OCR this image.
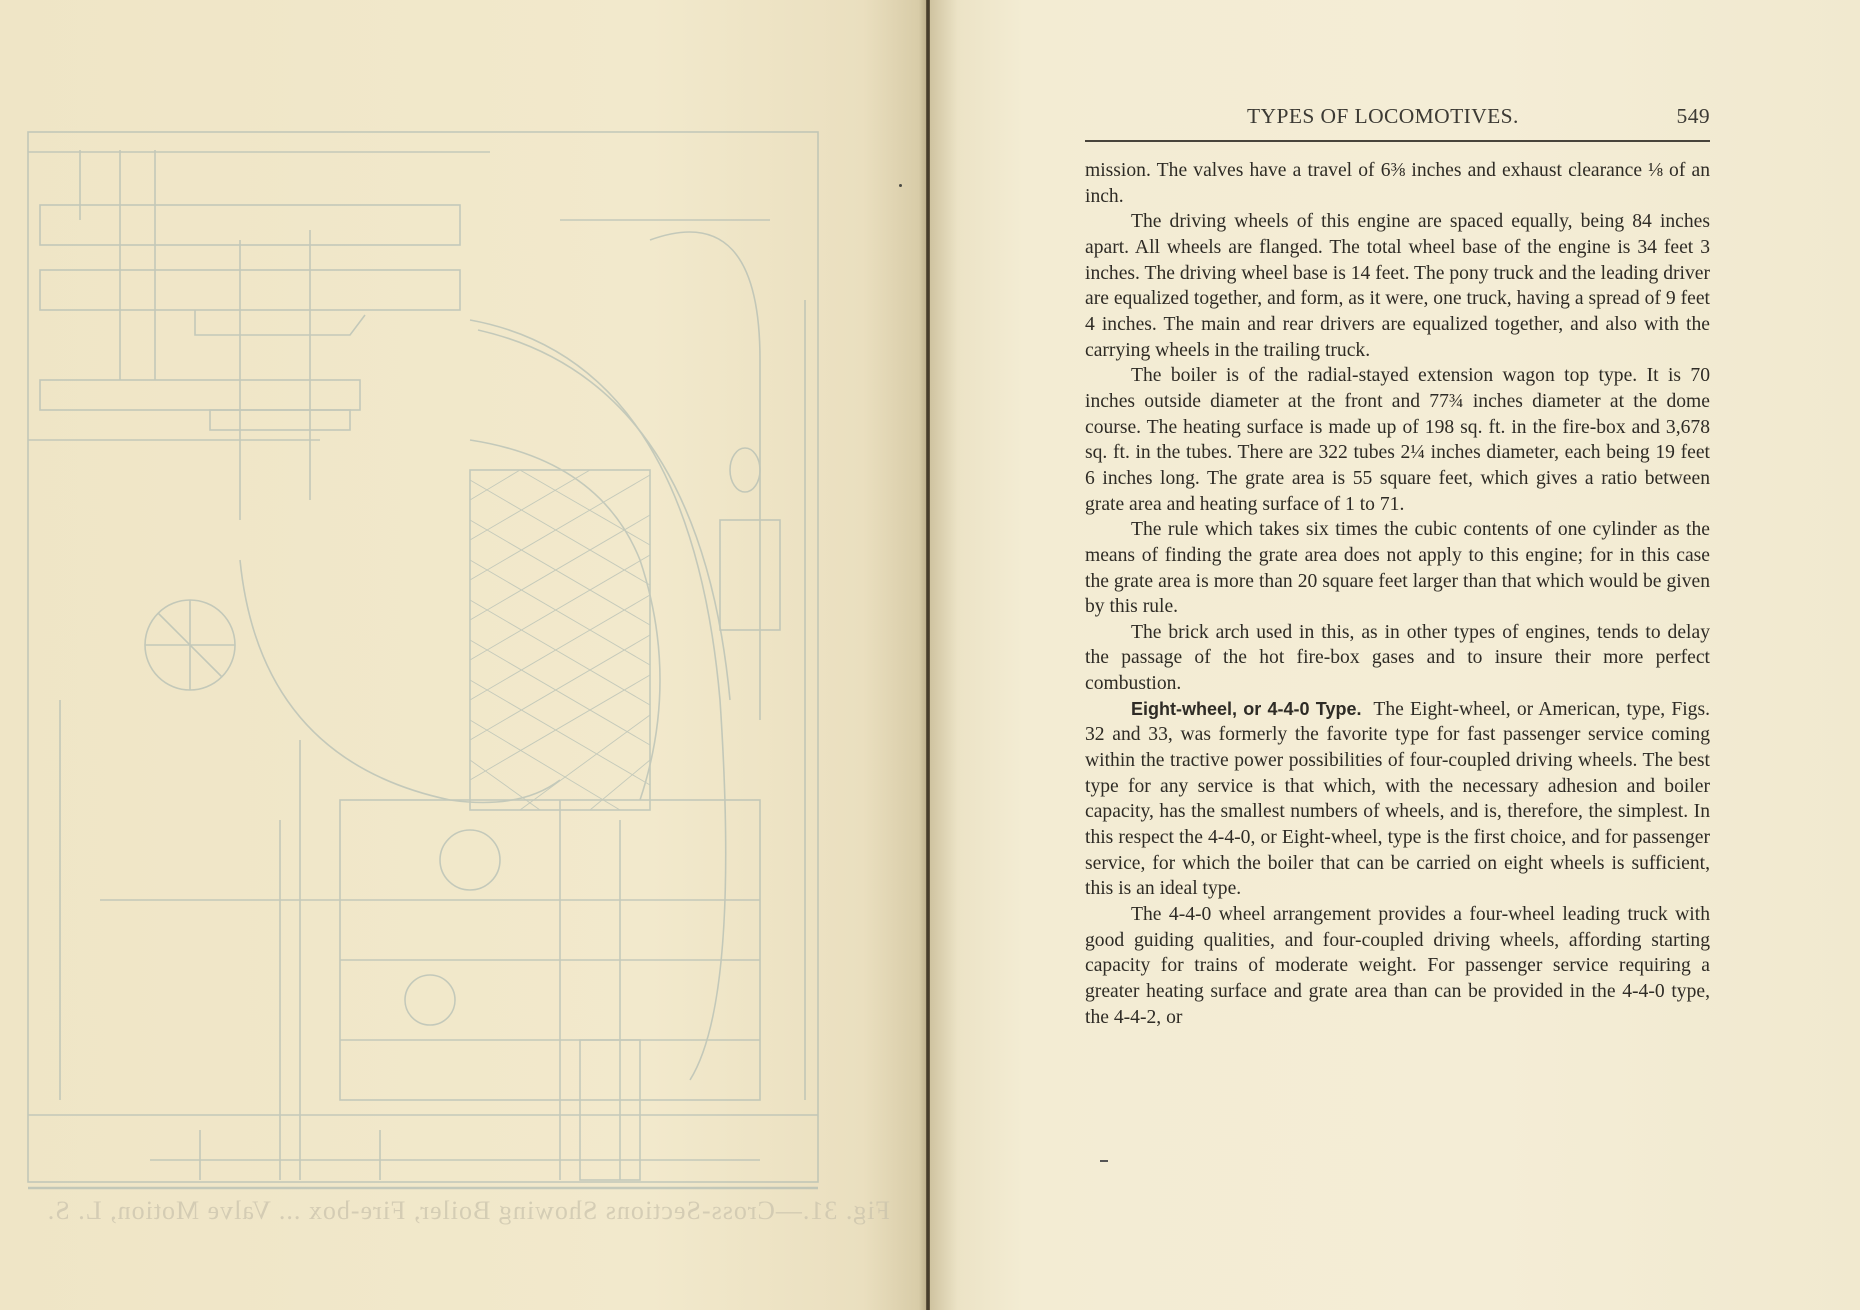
Fig. 31.—Cross-Sections Showing Boiler, Fire-box ... Valve Motion, L. S.
TYPES OF LOCOMOTIVES.	549

mission. The valves have a travel of 6⅜ inches and exhaust clearance ⅛ of an inch.

The driving wheels of this engine are spaced equally, being 84 inches apart. All wheels are flanged. The total wheel base of the engine is 34 feet 3 inches. The driving wheel base is 14 feet. The pony truck and the leading driver are equalized together, and form, as it were, one truck, having a spread of 9 feet 4 inches. The main and rear drivers are equalized together, and also with the carrying wheels in the trailing truck.

The boiler is of the radial-stayed extension wagon top type. It is 70 inches outside diameter at the front and 77¾ inches diameter at the dome course. The heating surface is made up of 198 sq. ft. in the fire-box and 3,678 sq. ft. in the tubes. There are 322 tubes 2¼ inches diameter, each being 19 feet 6 inches long. The grate area is 55 square feet, which gives a ratio between grate area and heating surface of 1 to 71.

The rule which takes six times the cubic contents of one cylinder as the means of finding the grate area does not apply to this engine; for in this case the grate area is more than 20 square feet larger than that which would be given by this rule.

The brick arch used in this, as in other types of engines, tends to delay the passage of the hot fire-box gases and to insure their more perfect combustion.

Eight-wheel, or 4-4-0 Type. The Eight-wheel, or American, type, Figs. 32 and 33, was formerly the favorite type for fast passenger service coming within the tractive power possibilities of four-coupled driving wheels. The best type for any service is that which, with the necessary adhesion and boiler capacity, has the smallest numbers of wheels, and is, therefore, the simplest. In this respect the 4-4-0, or Eight-wheel, type is the first choice, and for passenger service, for which the boiler that can be carried on eight wheels is sufficient, this is an ideal type.

The 4-4-0 wheel arrangement provides a four-wheel leading truck with good guiding qualities, and four-coupled driving wheels, affording starting capacity for trains of moderate weight. For passenger service requiring a greater heating surface and grate area than can be provided in the 4-4-0 type, the 4-4-2, or
